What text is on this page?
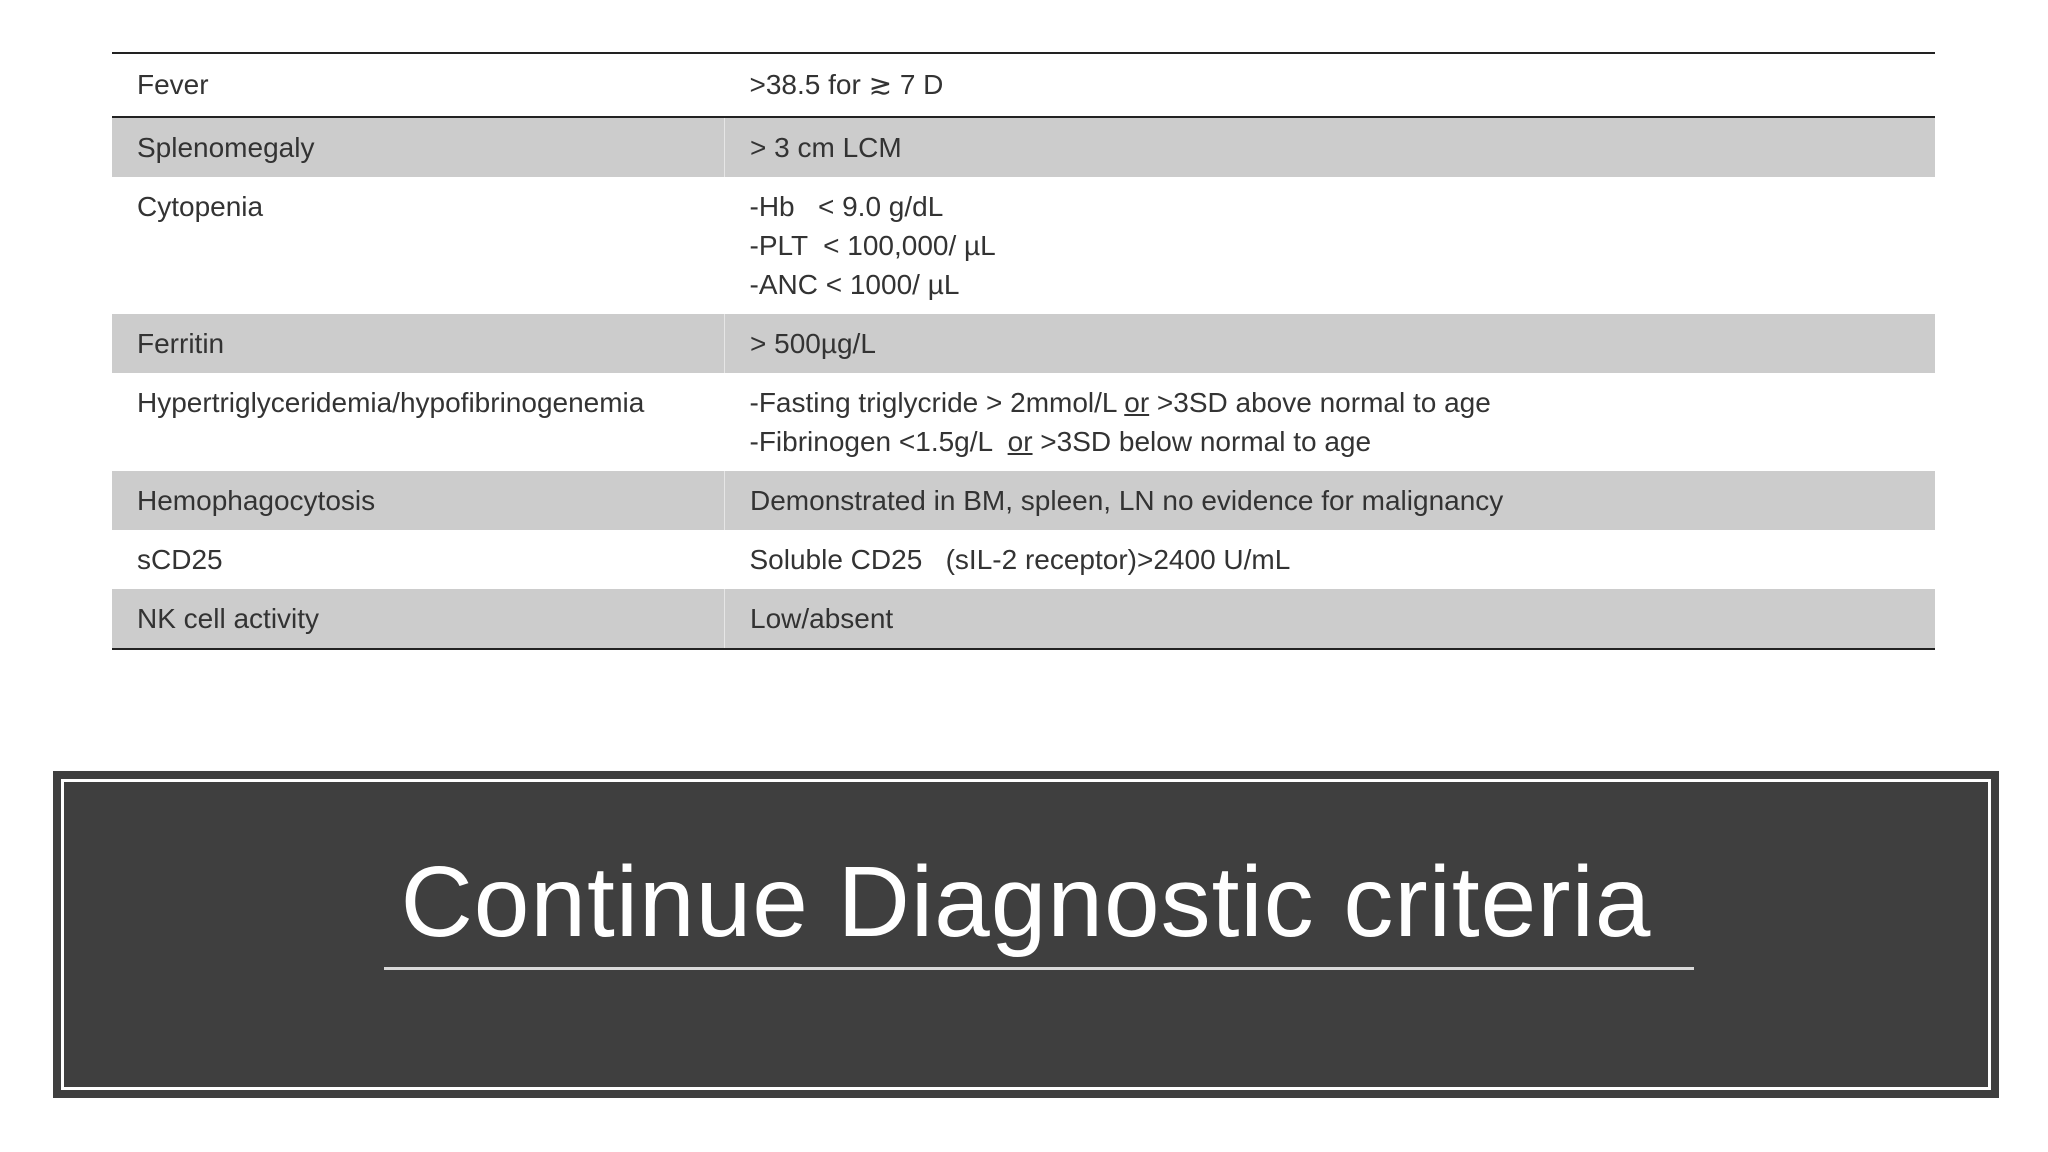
Fever	>38.5 for ≳ 7 D

Splenomegaly	> 3 cm LCM

Cytopenia	-Hb   < 9.0 g/dL
-PLT  < 100,000/ µL
-ANC < 1000/ µL

Ferritin	> 500µg/L

Hypertriglyceridemia/hypofibrinogenemia	-Fasting triglycride > 2mmol/L or >3SD above normal to age
-Fibrinogen <1.5g/L  or >3SD below normal to age

Hemophagocytosis	Demonstrated in BM, spleen, LN no evidence for malignancy

sCD25	Soluble CD25   (sIL-2 receptor)>2400 U/mL

NK cell activity	Low/absent
Continue Diagnostic criteria
